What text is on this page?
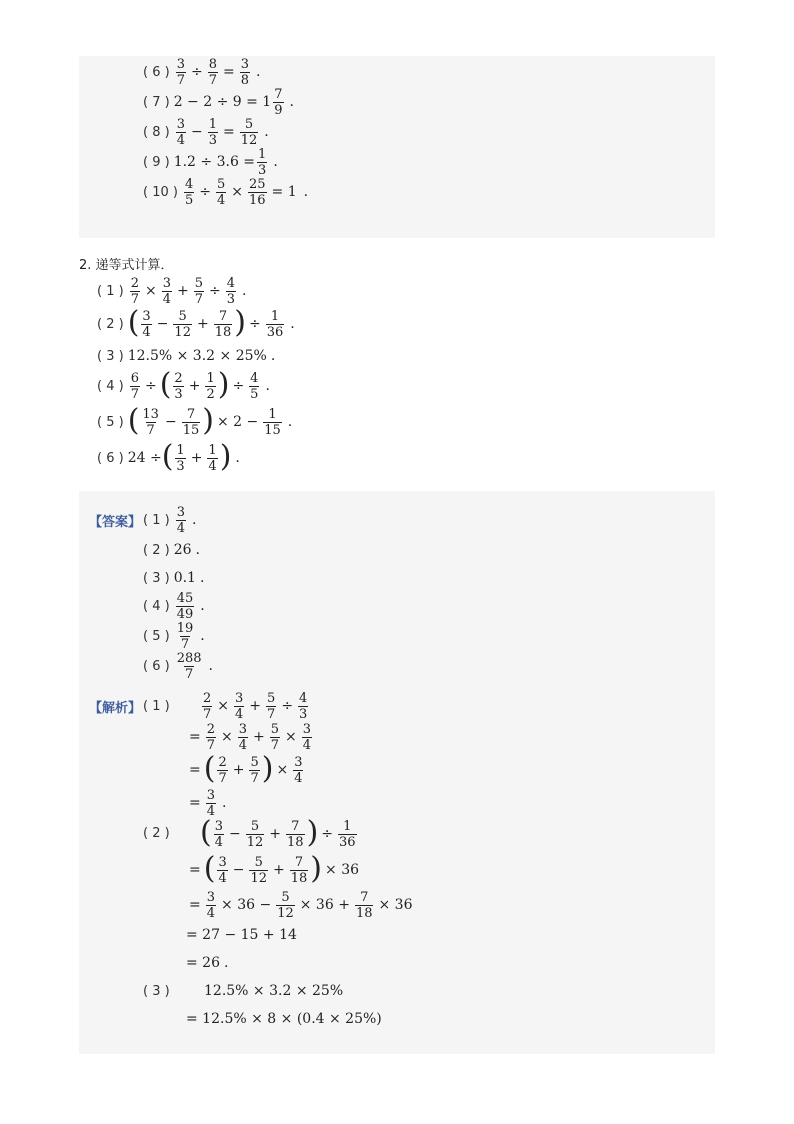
( 6 ) $\frac{3}{7} \div \frac{8}{7} = \frac{3}{8}$ .
( 7 ) $2 - 2 \div 9 = 1 \frac{7}{9}$ .
( 8 ) $\frac{3}{4} - \frac{1}{3} = \frac{5}{12}$ .
( 9 ) $1.2 \div 3.6 = \frac{1}{3}$ .
( 10 ) $\frac{4}{5} \div \frac{5}{4} \times \frac{25}{16} = 1$ .
2. 递等式计算．
( 1 ) $\frac{2}{7} \times \frac{3}{4} + \frac{5}{7} \div \frac{4}{3}$ .
( 2 ) ( $\frac{3}{4} - \frac{5}{12} + \frac{7}{18}$ ) ÷ $\frac{1}{36}$ .
( 3 ) 12.5% × 3.2 × 25% .
( 4 ) $\frac{6}{7}$ ÷ ( $\frac{2}{3} + \frac{1}{2}$ ) ÷ $\frac{4}{5}$ .
( 5 ) ( $\frac{13}{7} - \frac{7}{15}$ ) × $2 - \frac{1}{15}$ .
( 6 ) 24 ÷ ( $\frac{1}{3} + \frac{1}{4}$ ) .
【答案】 ( 1 ) $\frac{3}{4}$ .
( 2 ) 26 .
( 3 ) 0.1 .
( 4 ) $\frac{45}{49}$ .
( 5 ) $\frac{19}{7}$ .
( 6 ) $\frac{288}{7}$ .
【解析】 ( 1 ) $\frac{2}{7} \times \frac{3}{4} + \frac{5}{7} \div \frac{4}{3}$
= $\frac{2}{7} \times \frac{3}{4} + \frac{5}{7} \times \frac{3}{4}$
= ( $\frac{2}{7} + \frac{5}{7}$ ) × $\frac{3}{4}$
= $\frac{3}{4}$ .
( 2 ) ( $\frac{3}{4} - \frac{5}{12} + \frac{7}{18}$ ) ÷ $\frac{1}{36}$
= ( $\frac{3}{4} - \frac{5}{12} + \frac{7}{18}$ ) × 36
= $\frac{3}{4} \times 36 - \frac{5}{12} \times 36 + \frac{7}{18} \times 36$
= 27 − 15 + 14
= 26 .
( 3 ) 12.5% × 3.2 × 25%
= 12.5% × 8 × (0.4 × 25%)
